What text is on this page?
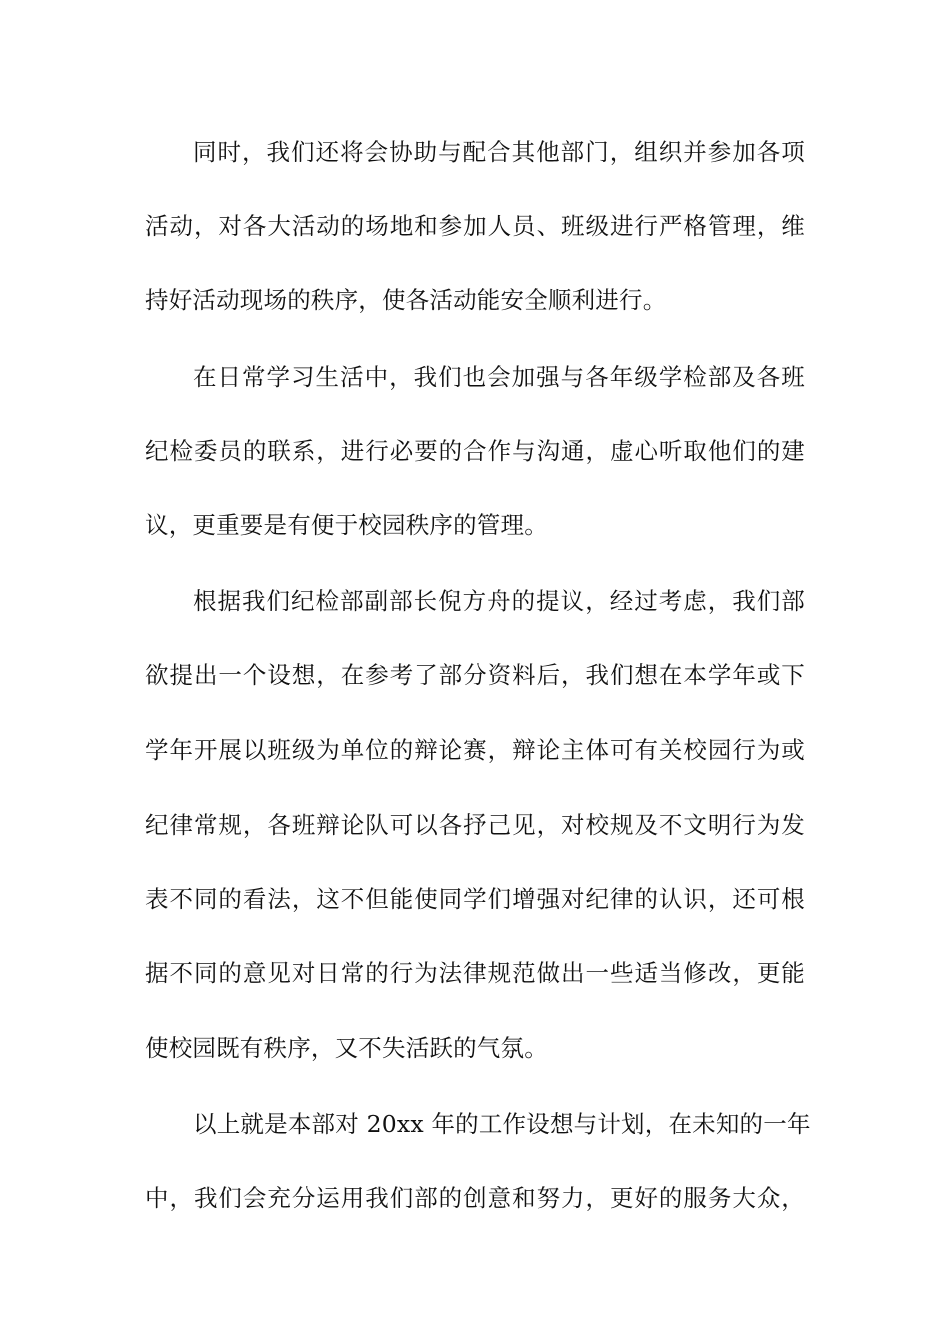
同时，我们还将会协助与配合其他部门，组织并参加各项
活动，对各大活动的场地和参加人员、班级进行严格管理，维
持好活动现场的秩序，使各活动能安全顺利进行。
在日常学习生活中，我们也会加强与各年级学检部及各班
纪检委员的联系，进行必要的合作与沟通，虚心听取他们的建
议，更重要是有便于校园秩序的管理。
根据我们纪检部副部长倪方舟的提议，经过考虑，我们部
欲提出一个设想，在参考了部分资料后，我们想在本学年或下
学年开展以班级为单位的辩论赛，辩论主体可有关校园行为或
纪律常规，各班辩论队可以各抒己见，对校规及不文明行为发
表不同的看法，这不但能使同学们增强对纪律的认识，还可根
据不同的意见对日常的行为法律规范做出一些适当修改，更能
使校园既有秩序，又不失活跃的气氛。
以上就是本部对 20xx 年的工作设想与计划，在未知的一年
中，我们会充分运用我们部的创意和努力，更好的服务大众，
